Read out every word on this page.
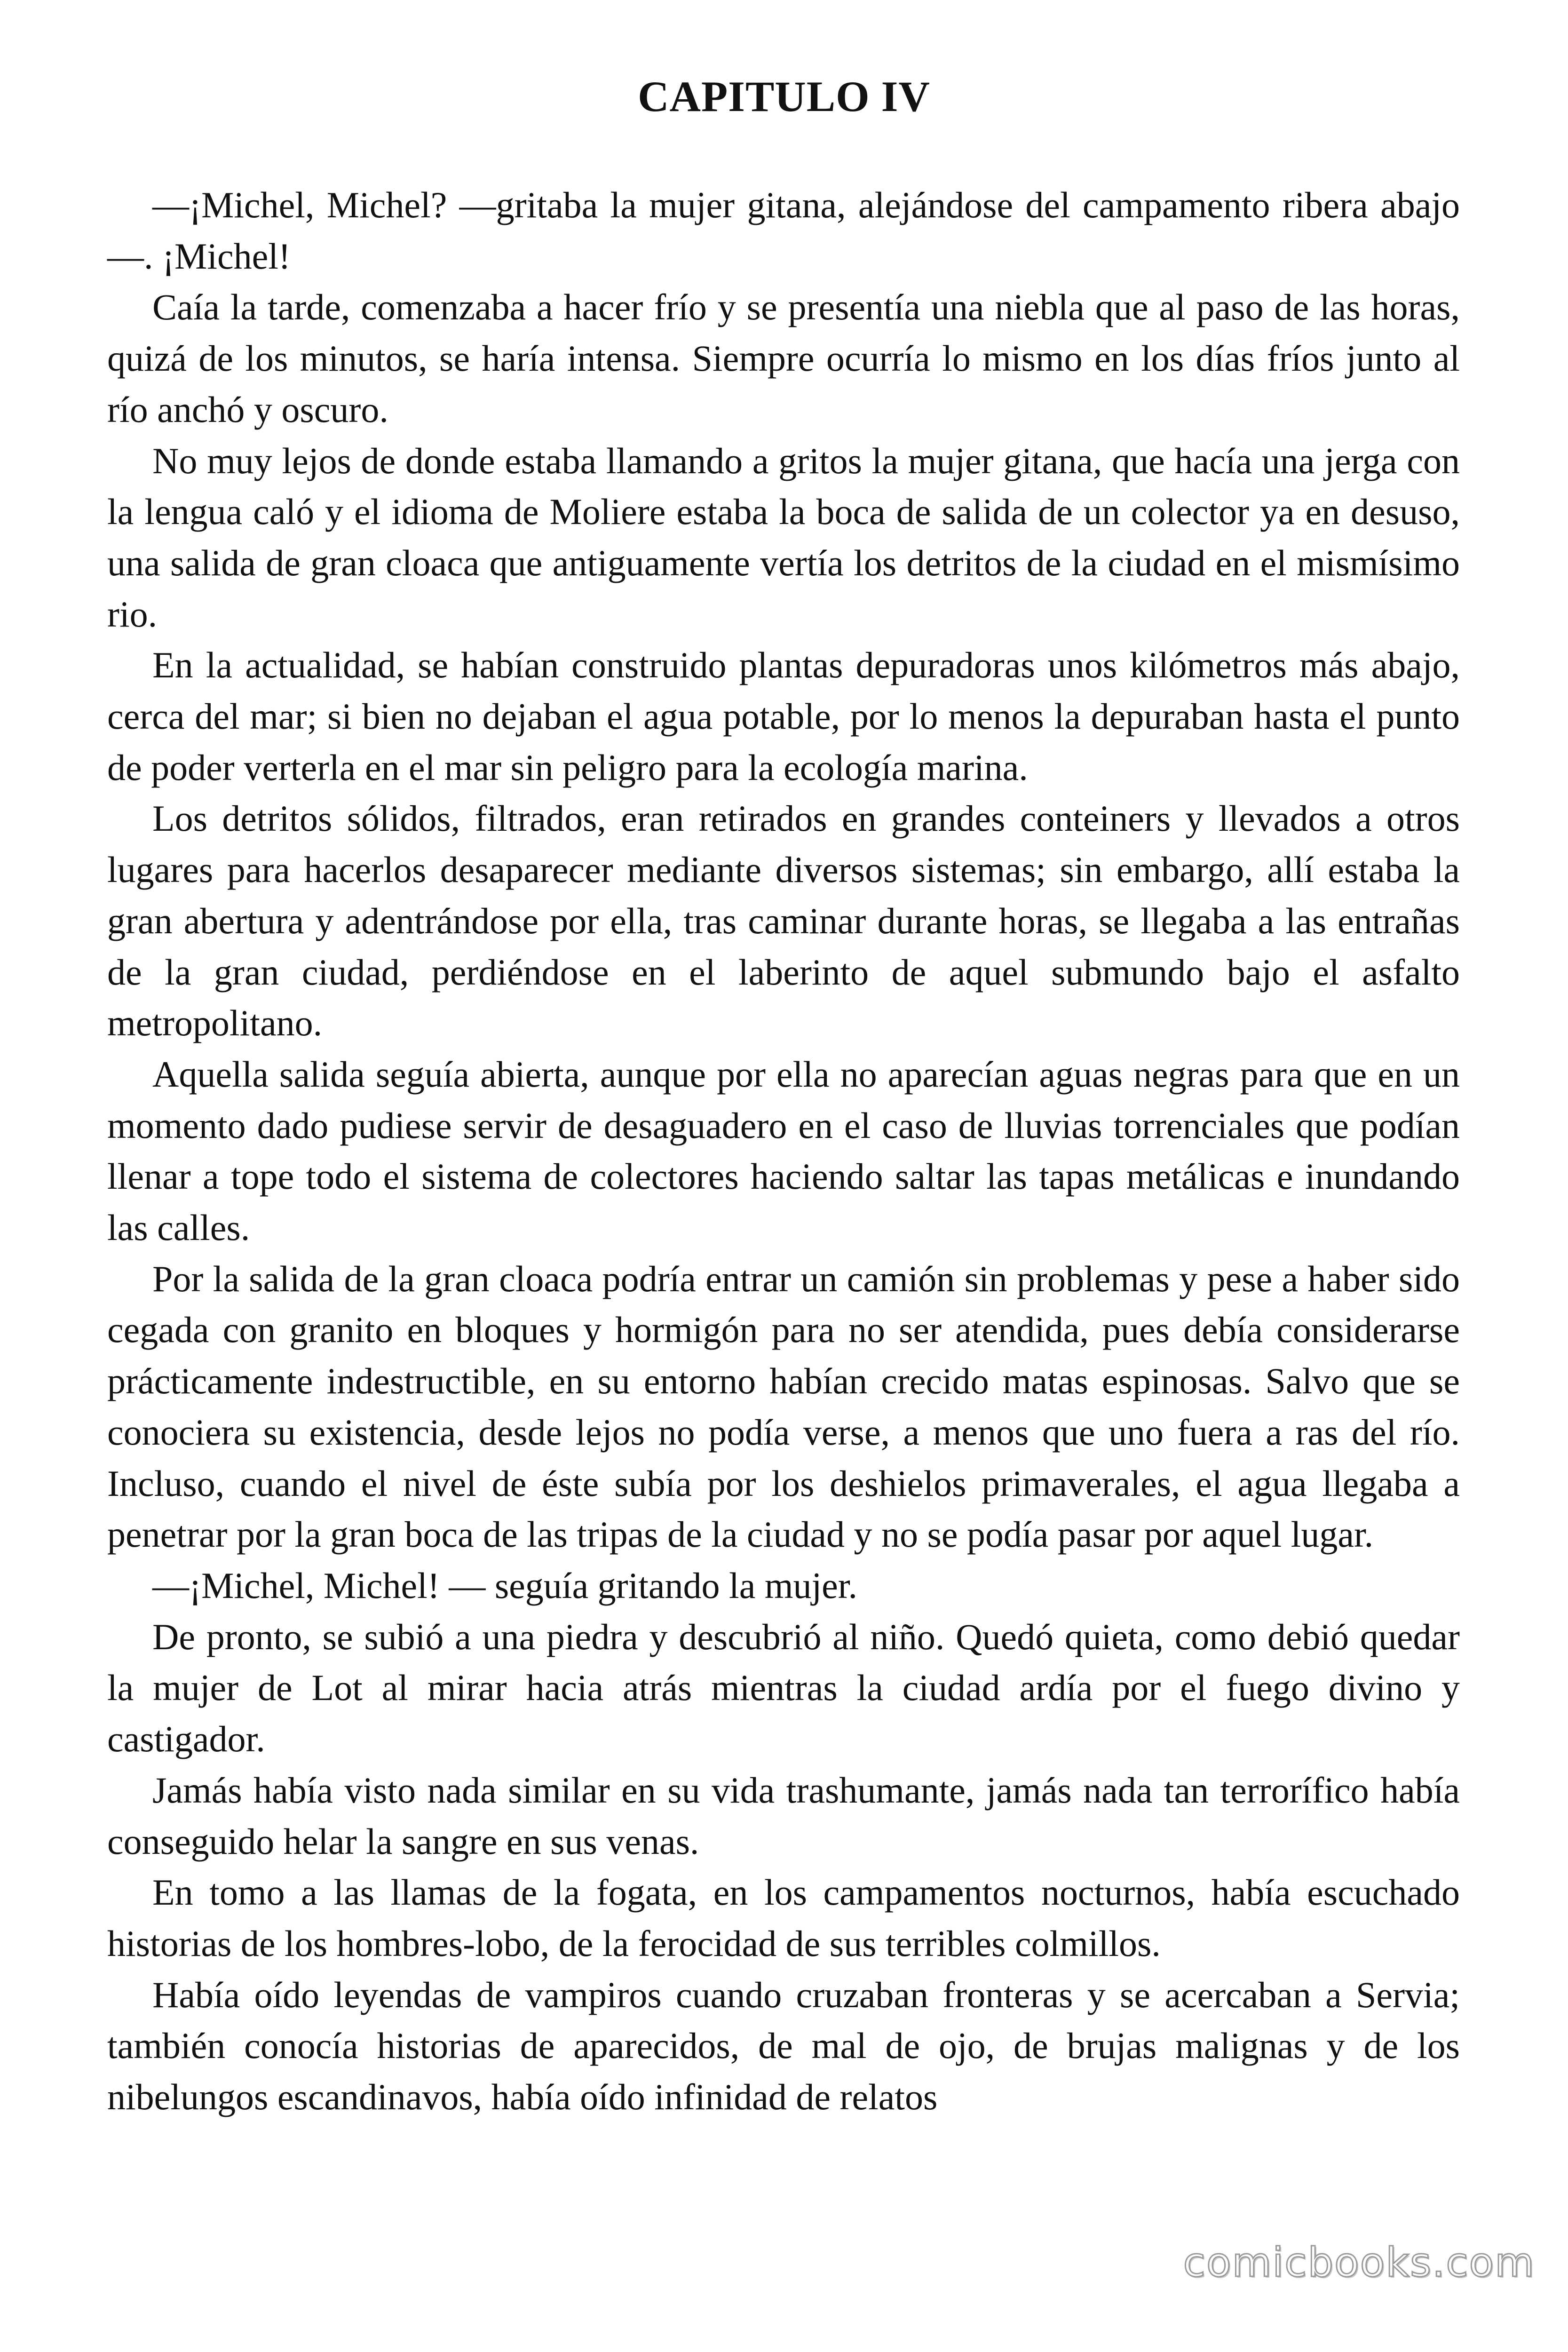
CAPITULO IV

—¡Michel, Michel? —gritaba la mujer gitana, alejándose del campamento ribera abajo—. ¡Michel!

Caía la tarde, comenzaba a hacer frío y se presentía una niebla que al paso de las horas, quizá de los minutos, se haría intensa. Siempre ocurría lo mismo en los días fríos junto al río anchó y oscuro.

No muy lejos de donde estaba llamando a gritos la mujer gitana, que hacía una jerga con la lengua caló y el idioma de Moliere estaba la boca de salida de un colector ya en desuso, una salida de gran cloaca que antiguamente vertía los detritos de la ciudad en el mismísimo rio.

En la actualidad, se habían construido plantas depuradoras unos kilómetros más abajo, cerca del mar; si bien no dejaban el agua potable, por lo menos la depuraban hasta el punto de poder verterla en el mar sin peligro para la ecología marina.

Los detritos sólidos, filtrados, eran retirados en grandes conteiners y llevados a otros lugares para hacerlos desaparecer mediante diversos sistemas; sin embargo, allí estaba la gran abertura y adentrándose por ella, tras caminar durante horas, se llegaba a las entrañas de la gran ciudad, perdiéndose en el laberinto de aquel submundo bajo el asfalto metropolitano.

Aquella salida seguía abierta, aunque por ella no aparecían aguas negras para que en un momento dado pudiese servir de desaguadero en el caso de lluvias torrenciales que podían llenar a tope todo el sistema de colectores haciendo saltar las tapas metálicas e inundando las calles.

Por la salida de la gran cloaca podría entrar un camión sin problemas y pese a haber sido cegada con granito en bloques y hormigón para no ser atendida, pues debía considerarse prácticamente indestructible, en su entorno habían crecido matas espinosas. Salvo que se conociera su existencia, desde lejos no podía verse, a menos que uno fuera a ras del río. Incluso, cuando el nivel de éste subía por los deshielos primaverales, el agua llegaba a penetrar por la gran boca de las tripas de la ciudad y no se podía pasar por aquel lugar.

—¡Michel, Michel! — seguía gritando la mujer.

De pronto, se subió a una piedra y descubrió al niño. Quedó quieta, como debió quedar la mujer de Lot al mirar hacia atrás mientras la ciudad ardía por el fuego divino y castigador.

Jamás había visto nada similar en su vida trashumante, jamás nada tan terrorífico había conseguido helar la sangre en sus venas.

En tomo a las llamas de la fogata, en los campamentos nocturnos, había escuchado historias de los hombres-lobo, de la ferocidad de sus terribles colmillos.

Había oído leyendas de vampiros cuando cruzaban fronteras y se acercaban a Servia; también conocía historias de aparecidos, de mal de ojo, de brujas malignas y de los nibelungos escandinavos, había oído infinidad de relatos

comicbooks.com
